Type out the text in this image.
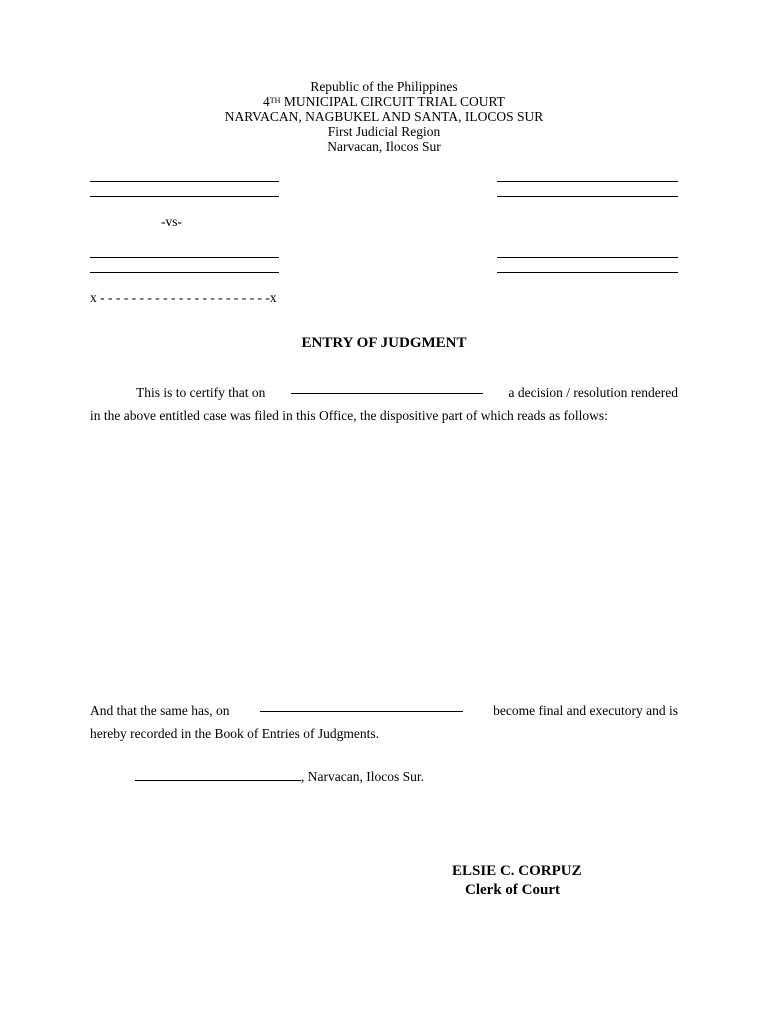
Republic of the Philippines
4TH MUNICIPAL CIRCUIT TRIAL COURT
NARVACAN, NAGBUKEL AND SANTA, ILOCOS SUR
First Judicial Region
Narvacan, Ilocos Sur
-vs-
x - - - - - - - - - - - - - - - - - - - - - -x
ENTRY OF JUDGMENT
This is to certify that on	a decision / resolution rendered
in the above entitled case was filed in this Office, the dispositive part of which reads as follows:
And that the same has, on	become final and executory and is
hereby recorded in the Book of Entries of Judgments.
, Narvacan, Ilocos Sur.
ELSIE C. CORPUZ
Clerk of Court
